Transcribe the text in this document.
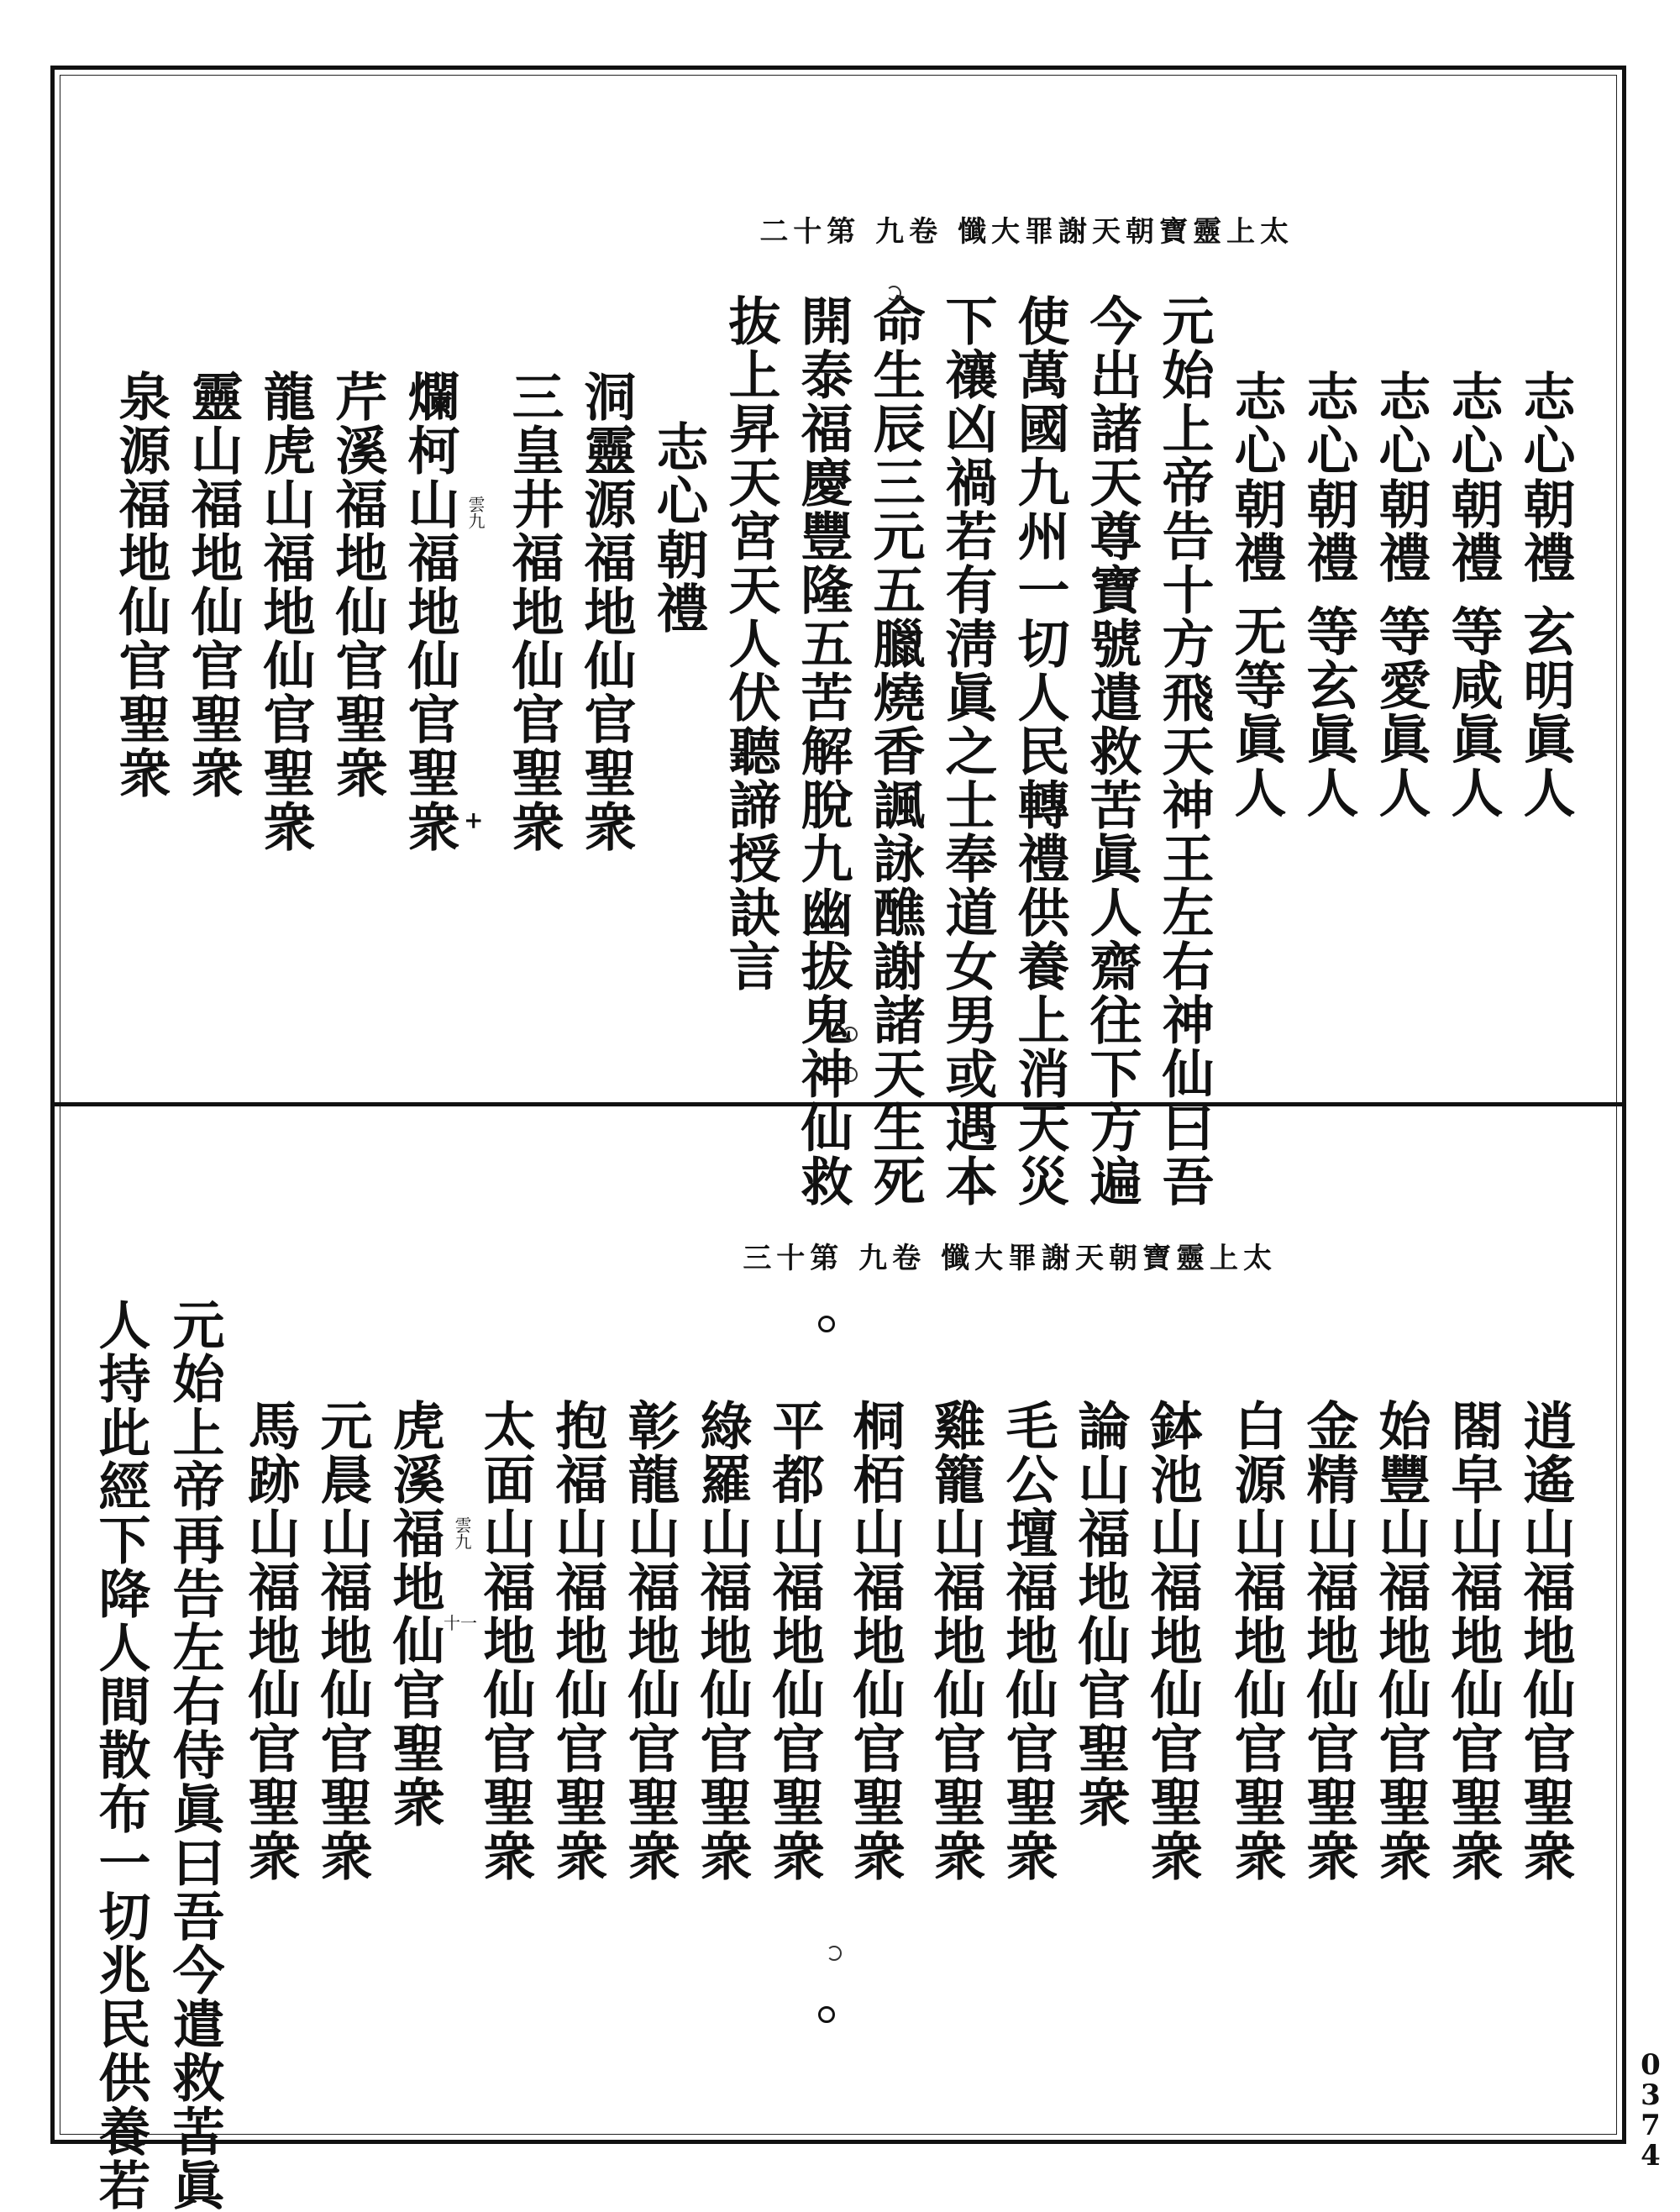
二十第 九卷 懺大罪謝天朝寶靈上太
志心朝禮 玄明眞人
志心朝禮 等咸眞人
志心朝禮 等愛眞人
志心朝禮 等玄眞人
志心朝禮 无等眞人
元始上帝告十方飛天神王左右神仙曰吾
今出諸天尊寶號遣救苦眞人齋往下方遍
使萬國九州一切人民轉禮供養上消天災
下禳凶禍若有淸眞之士奉道女男或遇本
命生辰三元五臘燒香諷詠醮謝諸天生死
開泰福慶豐隆五苦解脫九幽拔鬼神仙救
抜上昇天宮天人伏聽諦授訣言
志心朝禮
洞靈源福地仙官聖衆
三皇井福地仙官聖衆
爛柯山福地仙官聖衆
芹溪福地仙官聖衆
龍虎山福地仙官聖衆
靈山福地仙官聖衆
泉源福地仙官聖衆	雲九
+
三十第 九卷 懺大罪謝天朝寶靈上太
逍遙山福地仙官聖衆
閤皁山福地仙官聖衆
始豐山福地仙官聖衆
金精山福地仙官聖衆
白源山福地仙官聖衆
鉢池山福地仙官聖衆
論山福地仙官聖衆
毛公壇福地仙官聖衆
雞籠山福地仙官聖衆
桐栢山福地仙官聖衆
平都山福地仙官聖衆
綠羅山福地仙官聖衆
彰龍山福地仙官聖衆
抱福山福地仙官聖衆
太面山福地仙官聖衆
虎溪福地仙官聖衆
元晨山福地仙官聖衆
馬跡山福地仙官聖衆
元始上帝再告左右侍眞曰吾今遣救苦眞
人持此經下降人間散布一切兆民供養若	雲九
十一
0
3
7
4
